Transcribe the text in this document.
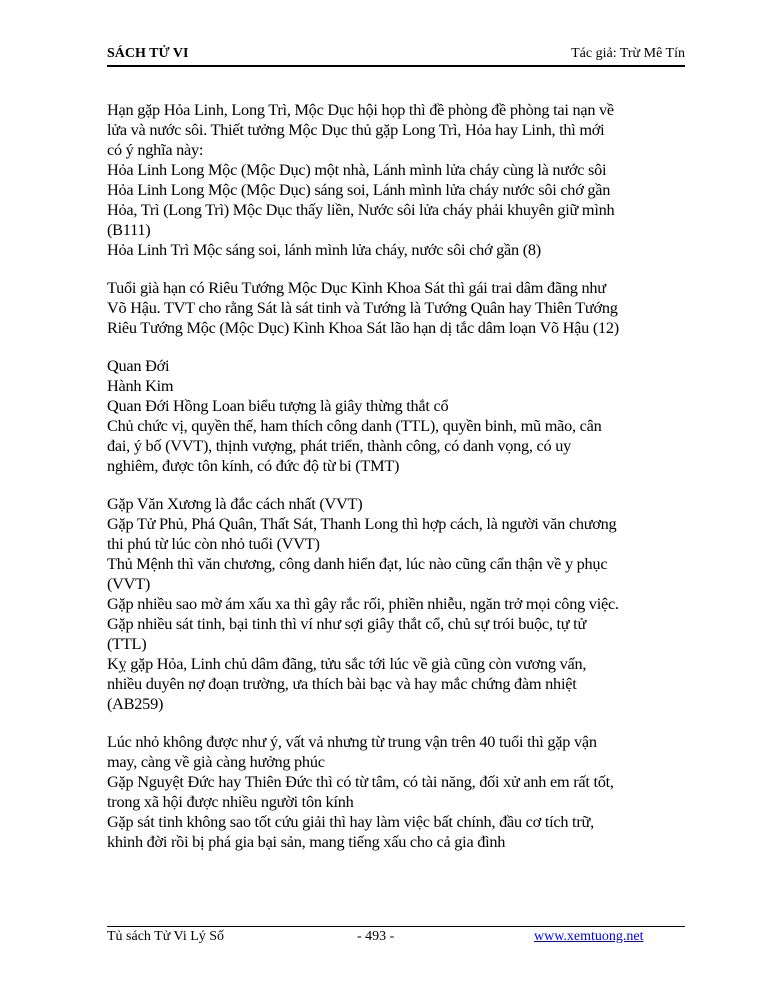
SÁCH TỬ VI	Tác giả: Trừ Mê Tín
Hạn gặp Hỏa Linh, Long Trì, Mộc Dục hội họp thì đề phòng đề phòng tai nạn về
lửa và nước sôi. Thiết tưởng Mộc Dục thủ gặp Long Trì, Hỏa hay Linh, thì mới
có ý nghĩa này:
Hỏa Linh Long Mộc (Mộc Dục) một nhà, Lánh mình lửa cháy cùng là nước sôi
Hỏa Linh Long Mộc (Mộc Dục) sáng soi, Lánh mình lửa cháy nước sôi chớ gần
Hỏa, Trì (Long Trì) Mộc Dục thấy liền, Nước sôi lửa cháy phải khuyên giữ mình
(B111)
Hỏa Linh Trì Mộc sáng soi, lánh mình lửa cháy, nước sôi chớ gần (8)
Tuổi già hạn có Riêu Tướng Mộc Dục Kình Khoa Sát thì gái trai dâm đãng như
Võ Hậu. TVT cho rằng Sát là sát tinh và Tướng là Tướng Quân hay Thiên Tướng
Riêu Tướng Mộc (Mộc Dục) Kình Khoa Sát lão hạn dị tắc dâm loạn Võ Hậu (12)
Quan Đới
Hành Kim
Quan Đới Hồng Loan biểu tượng là giây thừng thắt cổ
Chủ chức vị, quyền thế, ham thích công danh (TTL), quyền binh, mũ mão, cân
đai, ý bố (VVT), thịnh vượng, phát triển, thành công, có danh vọng, có uy
nghiêm, được tôn kính, có đức độ từ bi (TMT)
Gặp Văn Xương là đắc cách nhất (VVT)
Gặp Tử Phủ, Phá Quân, Thất Sát, Thanh Long thì hợp cách, là người văn chương
thi phú từ lúc còn nhỏ tuổi (VVT)
Thủ Mệnh thì văn chương, công danh hiển đạt, lúc nào cũng cẩn thận về y phục
(VVT)
Gặp nhiều sao mờ ám xấu xa thì gây rắc rối, phiền nhiễu, ngăn trở mọi công việc.
Gặp nhiều sát tinh, bại tinh thì ví như sợi giây thắt cổ, chủ sự trói buộc, tự tử
(TTL)
Kỵ gặp Hỏa, Linh chủ dâm đãng, tửu sắc tới lúc về già cũng còn vương vấn,
nhiều duyên nợ đoạn trường, ưa thích bài bạc và hay mắc chứng đàm nhiệt
(AB259)
Lúc nhỏ không được như ý, vất vả nhưng từ trung vận trên 40 tuổi thì gặp vận
may, càng về già càng hưởng phúc
Gặp Nguyệt Đức hay Thiên Đức thì có từ tâm, có tài năng, đối xử anh em rất tốt,
trong xã hội được nhiều người tôn kính
Gặp sát tinh không sao tốt cứu giải thì hay làm việc bất chính, đầu cơ tích trữ,
khinh đời rồi bị phá gia bại sản, mang tiếng xấu cho cả gia đình
Tủ sách Tử Vi Lý Số	- 493 -	www.xemtuong.net
